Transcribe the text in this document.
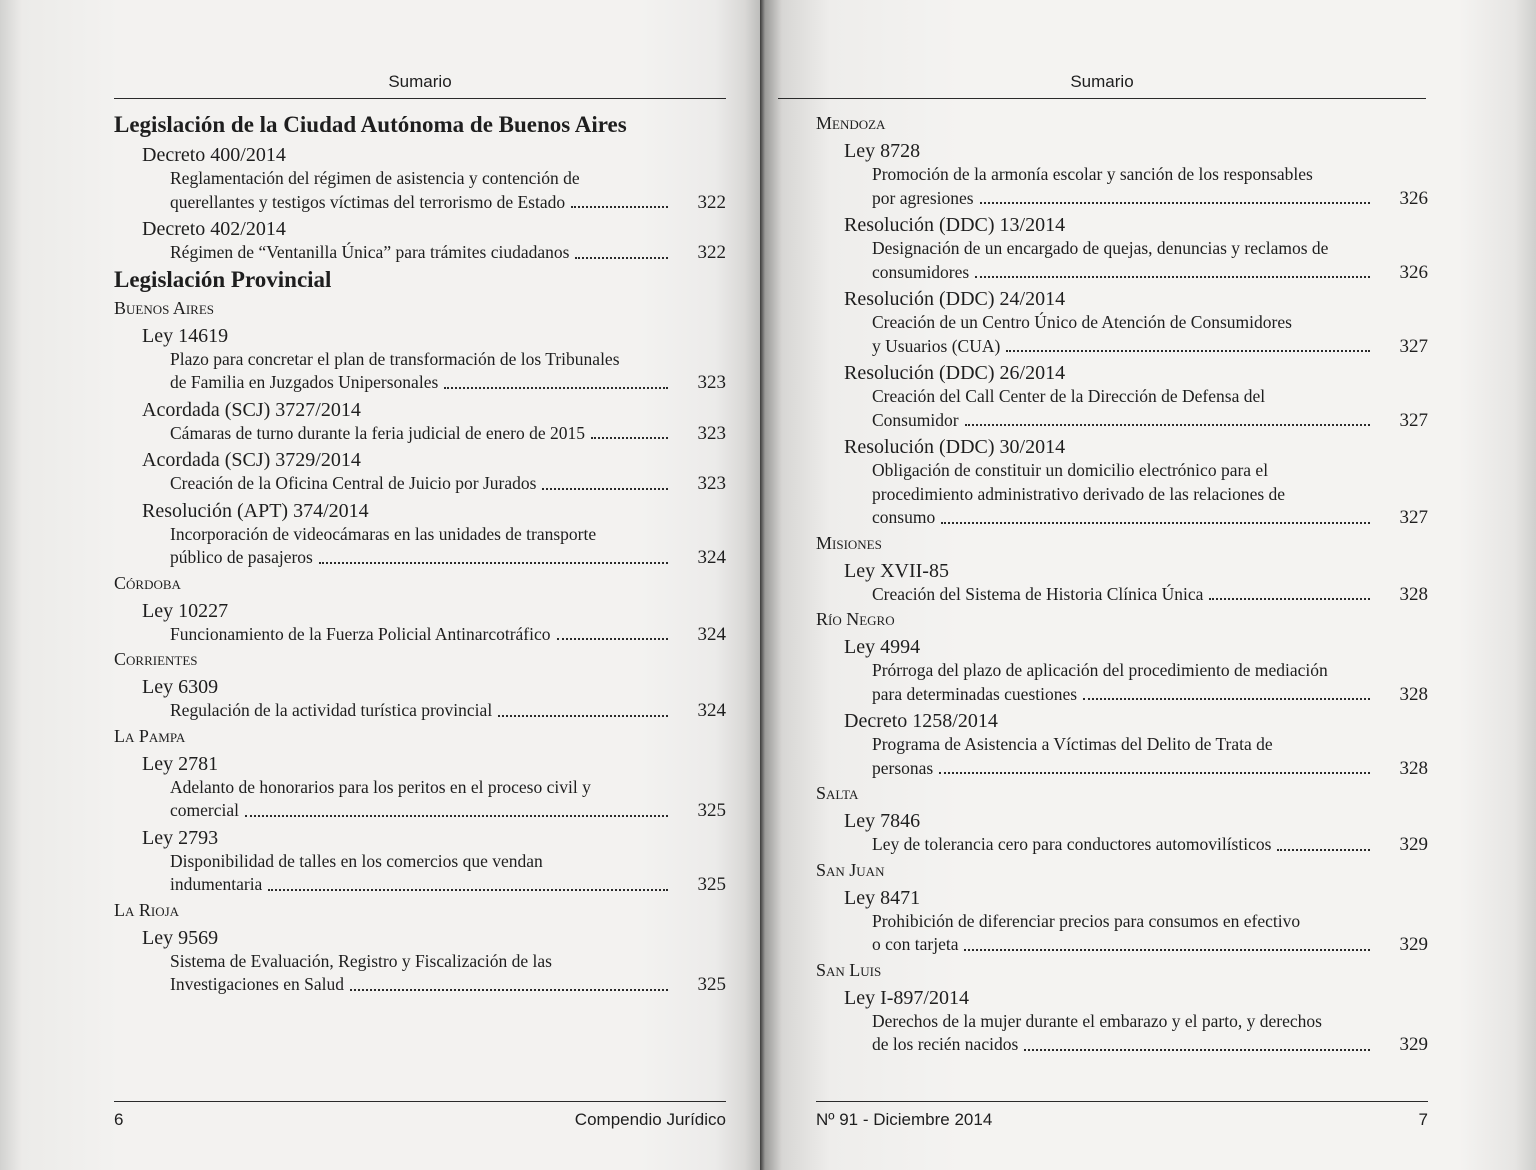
Sumario
Legislación de la Ciudad Autónoma de Buenos Aires
Decreto 400/2014
Reglamentación del régimen de asistencia y contención de
querellantes y testigos víctimas del terrorismo de Estado	322
Decreto 402/2014
Régimen de “Ventanilla Única” para trámites ciudadanos	322
Legislación Provincial
Buenos Aires
Ley 14619
Plazo para concretar el plan de transformación de los Tribunales
de Familia en Juzgados Unipersonales	323
Acordada (SCJ) 3727/2014
Cámaras de turno durante la feria judicial de enero de 2015	323
Acordada (SCJ) 3729/2014
Creación de la Oficina Central de Juicio por Jurados	323
Resolución (APT) 374/2014
Incorporación de videocámaras en las unidades de transporte
público de pasajeros	324
Córdoba
Ley 10227
Funcionamiento de la Fuerza Policial Antinarcotráfico	324
Corrientes
Ley 6309
Regulación de la actividad turística provincial	324
La Pampa
Ley 2781
Adelanto de honorarios para los peritos en el proceso civil y
comercial	325
Ley 2793
Disponibilidad de talles en los comercios que vendan
indumentaria	325
La Rioja
Ley 9569
Sistema de Evaluación, Registro y Fiscalización de las
Investigaciones en Salud	325
6	Compendio Jurídico
Sumario
Mendoza
Ley 8728
Promoción de la armonía escolar y sanción de los responsables
por agresiones	326
Resolución (DDC) 13/2014
Designación de un encargado de quejas, denuncias y reclamos de
consumidores	326
Resolución (DDC) 24/2014
Creación de un Centro Único de Atención de Consumidores
y Usuarios (CUA)	327
Resolución (DDC) 26/2014
Creación del Call Center de la Dirección de Defensa del
Consumidor	327
Resolución (DDC) 30/2014
Obligación de constituir un domicilio electrónico para el
procedimiento administrativo derivado de las relaciones de
consumo	327
Misiones
Ley XVII-85
Creación del Sistema de Historia Clínica Única	328
Río Negro
Ley 4994
Prórroga del plazo de aplicación del procedimiento de mediación
para determinadas cuestiones	328
Decreto 1258/2014
Programa de Asistencia a Víctimas del Delito de Trata de
personas	328
Salta
Ley 7846
Ley de tolerancia cero para conductores automovilísticos	329
San Juan
Ley 8471
Prohibición de diferenciar precios para consumos en efectivo
o con tarjeta	329
San Luis
Ley I-897/2014
Derechos de la mujer durante el embarazo y el parto, y derechos
de los recién nacidos	329
Nº 91 - Diciembre 2014	7
